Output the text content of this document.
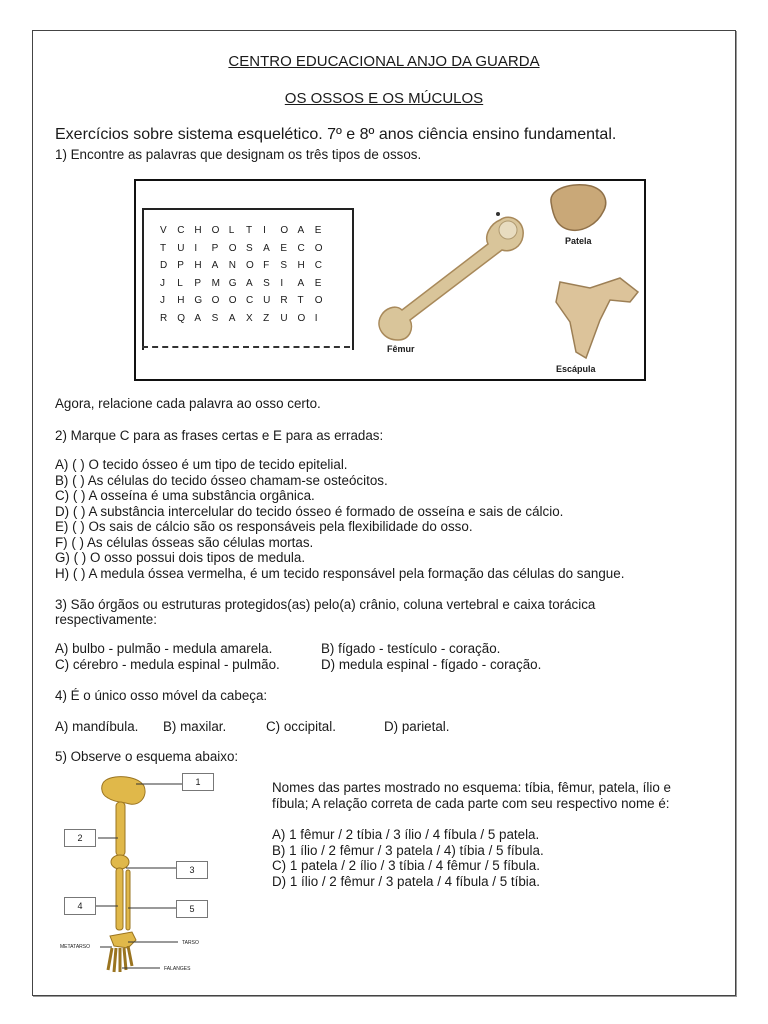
CENTRO EDUCACIONAL ANJO DA GUARDA
OS OSSOS E OS MÚCULOS
Exercícios sobre sistema esquelético. 7º e 8º anos ciência ensino fundamental.
1) Encontre as palavras que designam os três tipos de ossos.
V C H O L T I O A E
T U I P O S A E C O
D P H A N O F S H C
J L P M G A S I A E
J H G O O C U R T O
R Q A S A X Z U O I
Fêmur
Patela
Escápula
Agora, relacione cada palavra ao osso certo.
2) Marque C para as frases certas e E para as erradas:
A) ( ) O tecido ósseo é um tipo de tecido epitelial.
B) ( ) As células do tecido ósseo chamam-se osteócitos.
C) ( ) A osseína é uma substância orgânica.
D) ( ) A substância intercelular do tecido ósseo é formado de osseína e sais de cálcio.
E) ( ) Os sais de cálcio são os responsáveis pela flexibilidade do osso.
F) ( ) As células ósseas são células mortas.
G) ( ) O osso possui dois tipos de medula.
H) ( ) A medula óssea vermelha, é um tecido responsável pela formação das células do sangue.
3) São órgãos ou estruturas protegidos(as) pelo(a) crânio, coluna vertebral e caixa torácica
respectivamente:
A) bulbo - pulmão - medula amarela.	B) fígado - testículo - coração.
C) cérebro - medula espinal - pulmão.	D) medula espinal - fígado - coração.
4) É o único osso móvel da cabeça:
A) mandíbula. B) maxilar.	C) occipital.	D) parietal.
5) Observe o esquema abaixo:
1
2
3
4	5
METATARSO
TARSO
FALANGES
Nomes das partes mostrado no esquema: tíbia, fêmur, patela, ílio e
fíbula; A relação correta de cada parte com seu respectivo nome é:
A) 1 fêmur / 2 tíbia / 3 ílio / 4 fíbula / 5 patela.
B) 1 ílio / 2 fêmur / 3 patela / 4) tíbia / 5 fíbula.
C) 1 patela / 2 ílio / 3 tíbia / 4 fêmur / 5 fíbula.
D) 1 ílio / 2 fêmur / 3 patela / 4 fíbula / 5 tíbia.
